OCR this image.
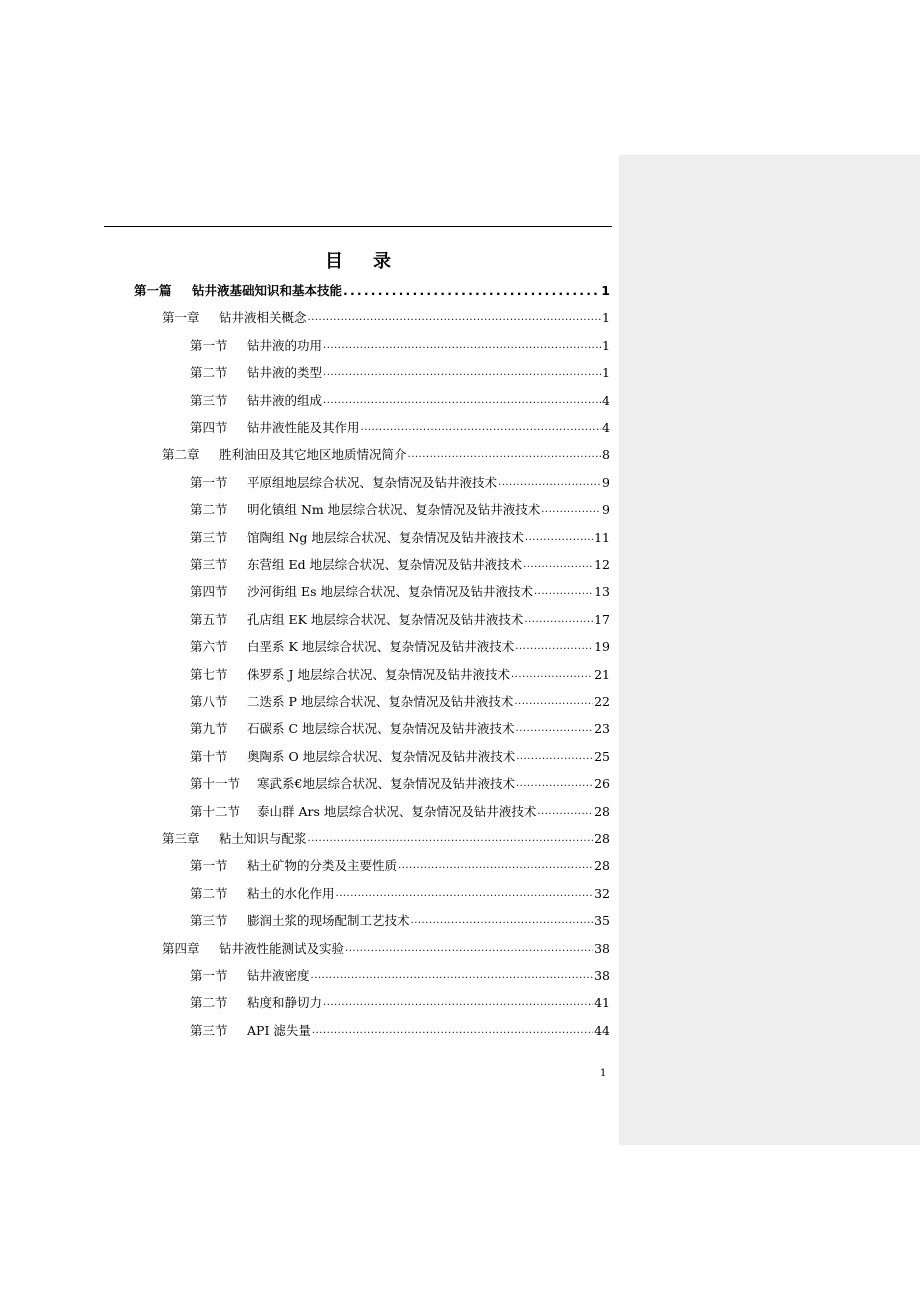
目 录
第一篇 钻井液基础知识和基本技能 .....	1
第一章 钻井液相关概念 .....	1
第一节 钻井液的功用 .....	1
第二节 钻井液的类型 .....	1
第三节 钻井液的组成 .....	4
第四节 钻井液性能及其作用 .....	4
第二章 胜利油田及其它地区地质情况简介 .....	8
第一节 平原组地层综合状况、复杂情况及钻井液技术 .....	9
第二节 明化镇组 Nm 地层综合状况、复杂情况及钻井液技术 .....	9
第三节 馆陶组 Ng 地层综合状况、复杂情况及钻井液技术 .....	11
第三节 东营组 Ed 地层综合状况、复杂情况及钻井液技术 .....	12
第四节 沙河街组 Es 地层综合状况、复杂情况及钻井液技术 .....	13
第五节 孔店组 EK 地层综合状况、复杂情况及钻井液技术 .....	17
第六节 白垩系 K 地层综合状况、复杂情况及钻井液技术 .....	19
第七节 侏罗系 J 地层综合状况、复杂情况及钻井液技术 .....	21
第八节 二迭系 P 地层综合状况、复杂情况及钻井液技术 .....	22
第九节 石碳系 C 地层综合状况、复杂情况及钻井液技术 .....	23
第十节 奥陶系 O 地层综合状况、复杂情况及钻井液技术 .....	25
第十一节 寒武系€地层综合状况、复杂情况及钻井液技术 .....	26
第十二节 泰山群 Ars 地层综合状况、复杂情况及钻井液技术 .....	28
第三章 粘土知识与配浆 .....	28
第一节 粘土矿物的分类及主要性质 .....	28
第二节 粘土的水化作用 .....	32
第三节 膨润土浆的现场配制工艺技术 .....	35
第四章 钻井液性能测试及实验 .....	38
第一节 钻井液密度 .....	38
第二节 粘度和静切力 .....	41
第三节 API 滤失量 .....	44
1
